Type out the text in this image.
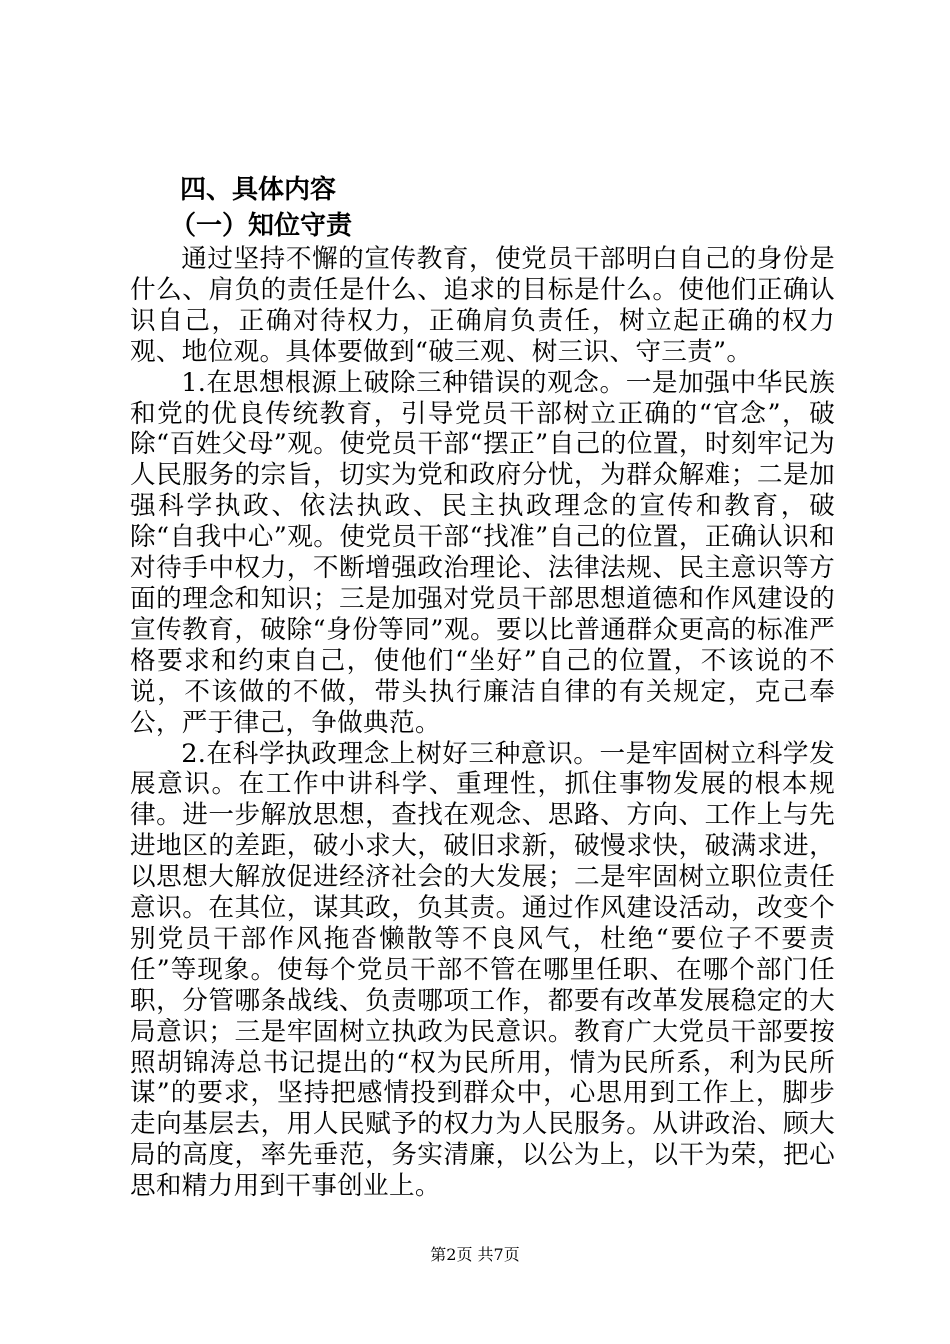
四、具体内容

（一）知位守责

通过坚持不懈的宣传教育，使党员干部明白自己的身份是什么、肩负的责任是什么、追求的目标是什么。使他们正确认识自己，正确对待权力，正确肩负责任，树立起正确的权力观、地位观。具体要做到“破三观、树三识、守三责”。

1.在思想根源上破除三种错误的观念。一是加强中华民族和党的优良传统教育，引导党员干部树立正确的“官念”，破除“百姓父母”观。使党员干部“摆正”自己的位置，时刻牢记为人民服务的宗旨，切实为党和政府分忧，为群众解难；二是加强科学执政、依法执政、民主执政理念的宣传和教育，破除“自我中心”观。使党员干部“找准”自己的位置，正确认识和对待手中权力，不断增强政治理论、法律法规、民主意识等方面的理念和知识；三是加强对党员干部思想道德和作风建设的宣传教育，破除“身份等同”观。要以比普通群众更高的标准严格要求和约束自己，使他们“坐好”自己的位置，不该说的不说，不该做的不做，带头执行廉洁自律的有关规定，克己奉公，严于律己，争做典范。

2.在科学执政理念上树好三种意识。一是牢固树立科学发展意识。在工作中讲科学、重理性，抓住事物发展的根本规律。进一步解放思想，查找在观念、思路、方向、工作上与先进地区的差距，破小求大，破旧求新，破慢求快，破满求进，以思想大解放促进经济社会的大发展；二是牢固树立职位责任意识。在其位，谋其政，负其责。通过作风建设活动，改变个别党员干部作风拖沓懒散等不良风气，杜绝“要位子不要责任”等现象。使每个党员干部不管在哪里任职、在哪个部门任职，分管哪条战线、负责哪项工作，都要有改革发展稳定的大局意识；三是牢固树立执政为民意识。教育广大党员干部要按照胡锦涛总书记提出的“权为民所用，情为民所系，利为民所谋”的要求，坚持把感情投到群众中，心思用到工作上，脚步走向基层去，用人民赋予的权力为人民服务。从讲政治、顾大局的高度，率先垂范，务实清廉，以公为上，以干为荣，把心思和精力用到干事创业上。

第2页 共7页
